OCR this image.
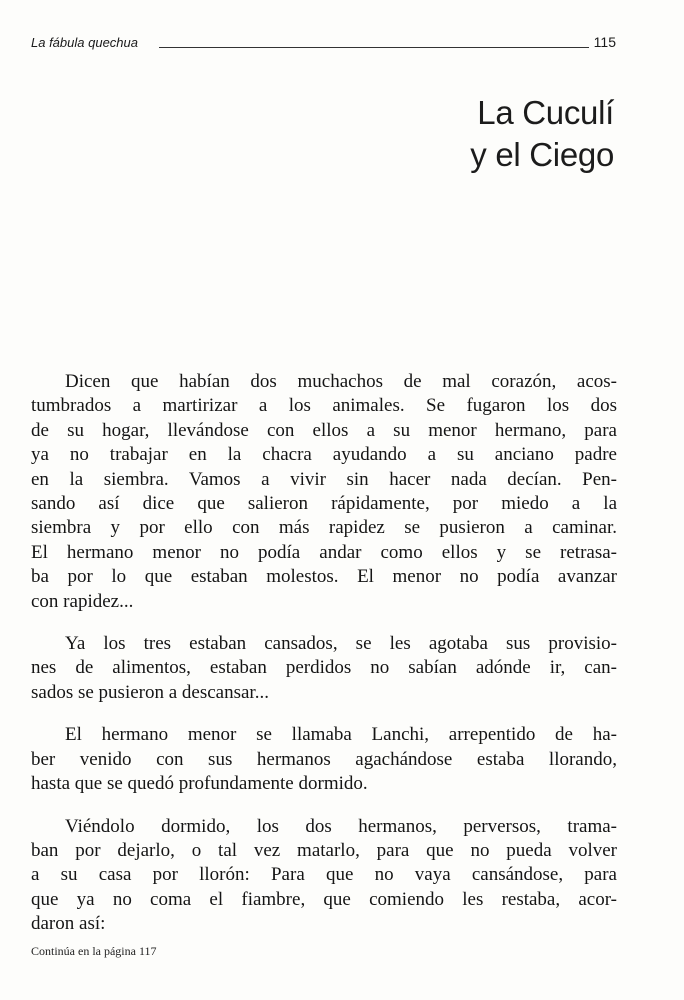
La fábula quechua	115
La Cuculí
y el Ciego

Dicen que habían dos muchachos de mal corazón, acos-
tumbrados a martirizar a los animales. Se fugaron los dos
de su hogar, llevándose con ellos a su menor hermano, para
ya no trabajar en la chacra ayudando a su anciano padre
en la siembra. Vamos a vivir sin hacer nada decían. Pen-
sando así dice que salieron rápidamente, por miedo a la
siembra y por ello con más rapidez se pusieron a caminar.
El hermano menor no podía andar como ellos y se retrasa-
ba por lo que estaban molestos. El menor no podía avanzar
con rapidez...

Ya los tres estaban cansados, se les agotaba sus provisio-
nes de alimentos, estaban perdidos no sabían adónde ir, can-
sados se pusieron a descansar...

El hermano menor se llamaba Lanchi, arrepentido de ha-
ber venido con sus hermanos agachándose estaba llorando,
hasta que se quedó profundamente dormido.

Viéndolo dormido, los dos hermanos, perversos, trama-
ban por dejarlo, o tal vez matarlo, para que no pueda volver
a su casa por llorón: Para que no vaya cansándose, para
que ya no coma el fiambre, que comiendo les restaba, acor-
daron así:

Continúa en la página 117
